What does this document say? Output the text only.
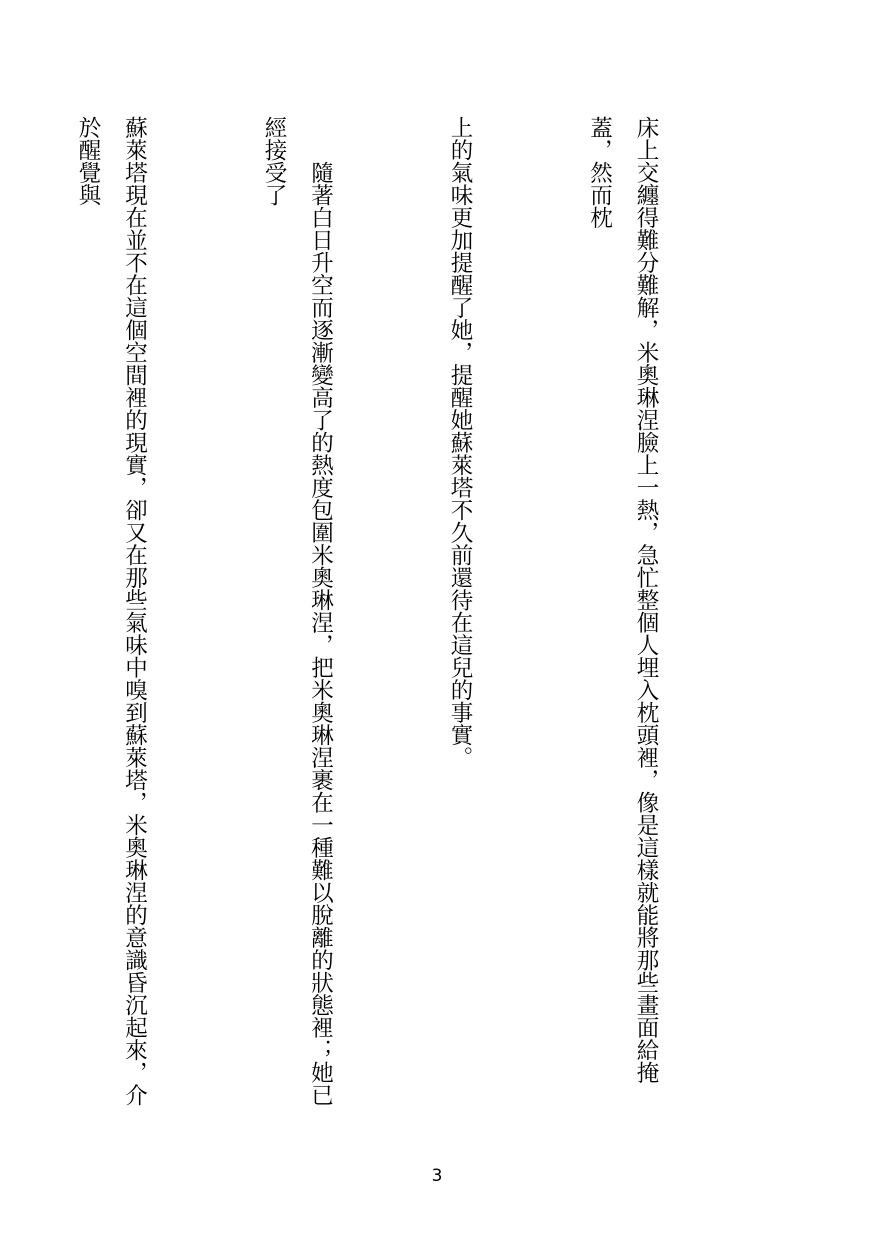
床上交纏得難分難解，米奧琳涅臉上一熱，急忙整個人埋入枕頭裡，像是這樣就能將那些畫面給掩蓋，然而枕

上的氣味更加提醒了她，提醒她蘇萊塔不久前還待在這兒的事實。

　　隨著白日升空而逐漸變高了的熱度包圍米奧琳涅，把米奧琳涅裹在一種難以脫離的狀態裡；她已經接受了

蘇萊塔現在並不在這個空間裡的現實，卻又在那些氣味中嗅到蘇萊塔，米奧琳涅的意識昏沉起來，介於醒覺與

3
